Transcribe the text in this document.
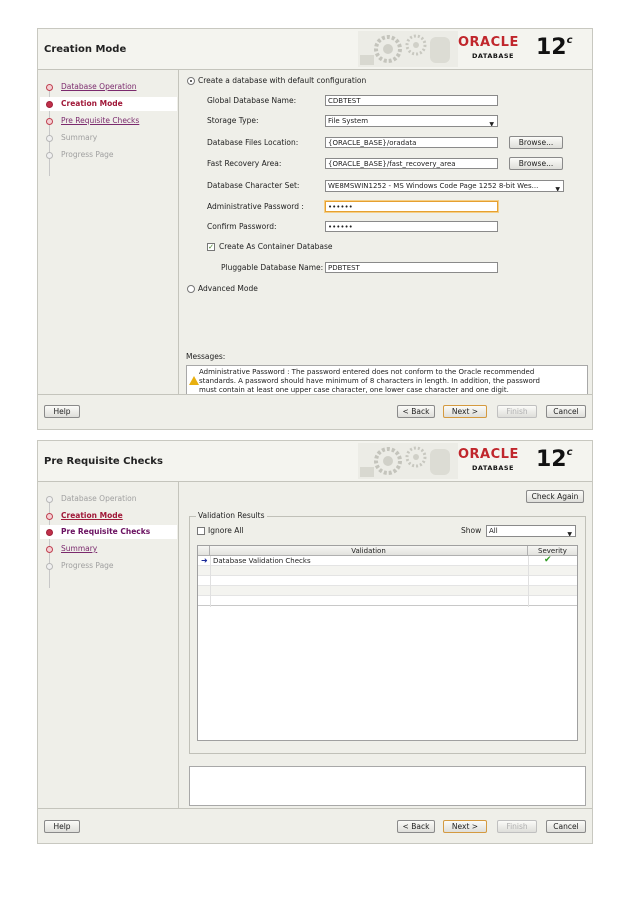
Creation Mode	ORACLE
DATABASE 12$^c$
Database Operation
Creation Mode
Pre Requisite Checks
Summary
Progress Page
Create a database with default configuration
Global Database Name:	CDBTEST
Storage Type:	File System	▼
Database Files Location:	{ORACLE_BASE}/oradata	Browse...
Fast Recovery Area:	{ORACLE_BASE}/fast_recovery_area	Browse...
Database Character Set:	WE8MSWIN1252 - MS Windows Code Page 1252 8-bit Wes...	▼
Administrative Password :	••••••
Confirm Password:	••••••
✓ Create As Container Database
Pluggable Database Name: PDBTEST
Advanced Mode
Messages:
Administrative Password : The password entered does not conform to the Oracle recommended
standards. A password should have minimum of 8 characters in length. In addition, the password
must contain at least one upper case character, one lower case character and one digit.
Help	< Back	Next >	Finish	Cancel
Pre Requisite Checks	ORACLE
DATABASE 12$^c$
Database Operation
Creation Mode
Pre Requisite Checks
Summary
Progress Page
Check Again
Validation Results
Ignore All	Show	All	▼
Validation	Severity
➜ Database Validation Checks	✔
Help	< Back	Next >	Finish	Cancel
